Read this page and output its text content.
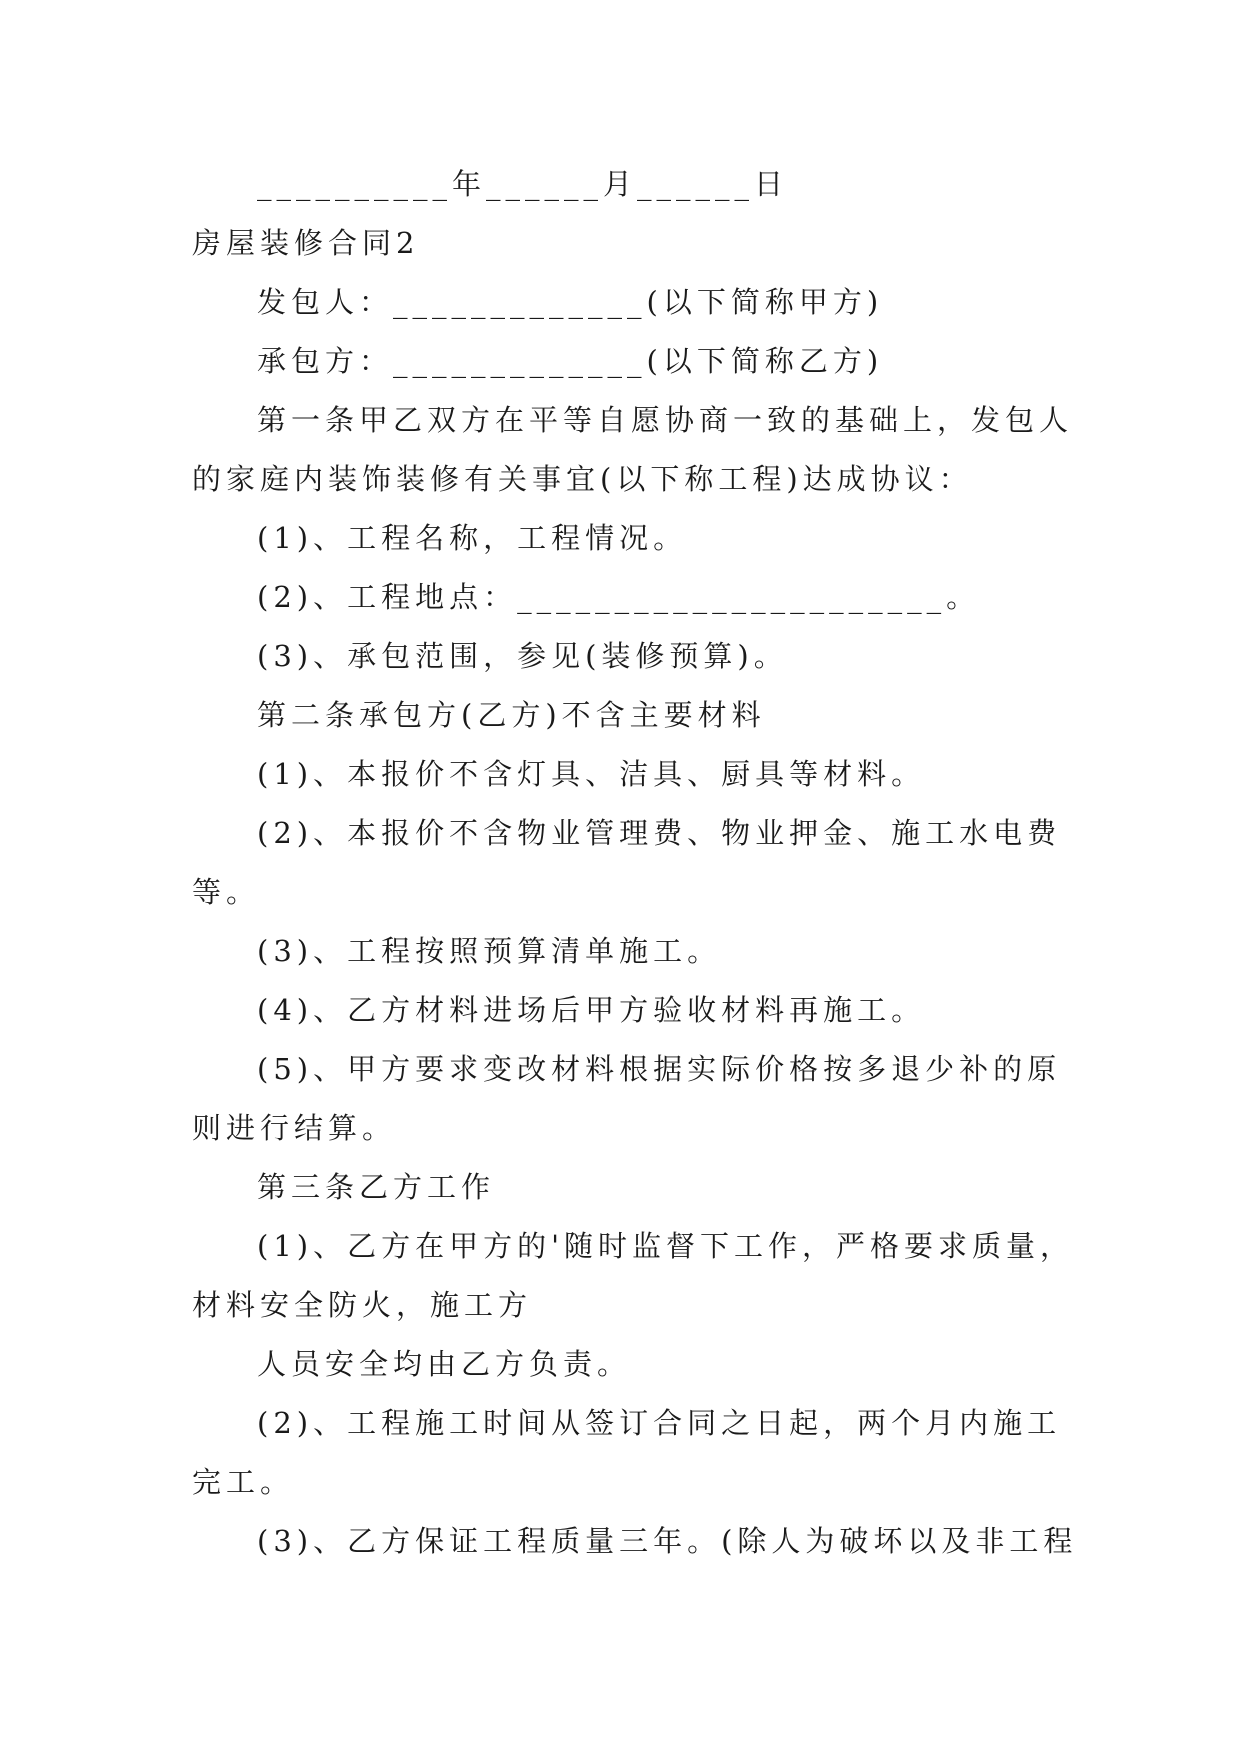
__________年______月______日
房屋装修合同2
发包人：_____________(以下简称甲方)
承包方：_____________(以下简称乙方)
第一条甲乙双方在平等自愿协商一致的基础上，发包人
的家庭内装饰装修有关事宜(以下称工程)达成协议：
(1)、工程名称，工程情况。
(2)、工程地点：______________________。
(3)、承包范围，参见(装修预算)。
第二条承包方(乙方)不含主要材料
(1)、本报价不含灯具、洁具、厨具等材料。
(2)、本报价不含物业管理费、物业押金、施工水电费
等。
(3)、工程按照预算清单施工。
(4)、乙方材料进场后甲方验收材料再施工。
(5)、甲方要求变改材料根据实际价格按多退少补的原
则进行结算。
第三条乙方工作
(1)、乙方在甲方的'随时监督下工作，严格要求质量，
材料安全防火，施工方
人员安全均由乙方负责。
(2)、工程施工时间从签订合同之日起，两个月内施工
完工。
(3)、乙方保证工程质量三年。(除人为破坏以及非工程
